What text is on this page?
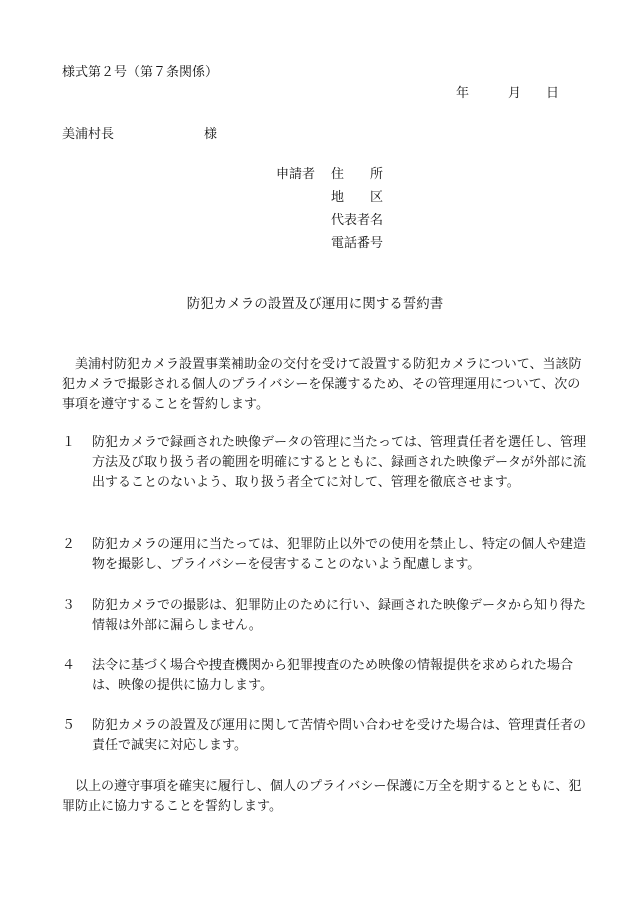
様式第２号（第７条関係）
年	月 日
美浦村長	様
申請者 住　　所
地　　区
代表者名
電話番号
防犯カメラの設置及び運用に関する誓約書
美浦村防犯カメラ設置事業補助金の交付を受けて設置する防犯カメラについて、当該防犯カメラで撮影される個人のプライバシーを保護するため、その管理運用について、次の事項を遵守することを誓約します。
１	防犯カメラで録画された映像データの管理に当たっては、管理責任者を選任し、管理方法及び取り扱う者の範囲を明確にするとともに、録画された映像データが外部に流出することのないよう、取り扱う者全てに対して、管理を徹底させます。
２	防犯カメラの運用に当たっては、犯罪防止以外での使用を禁止し、特定の個人や建造物を撮影し、プライバシーを侵害することのないよう配慮します。
３	防犯カメラでの撮影は、犯罪防止のために行い、録画された映像データから知り得た情報は外部に漏らしません。
４	法令に基づく場合や捜査機関から犯罪捜査のため映像の情報提供を求められた場合は、映像の提供に協力します。
５	防犯カメラの設置及び運用に関して苦情や問い合わせを受けた場合は、管理責任者の責任で誠実に対応します。
以上の遵守事項を確実に履行し、個人のプライバシー保護に万全を期するとともに、犯罪防止に協力することを誓約します。
